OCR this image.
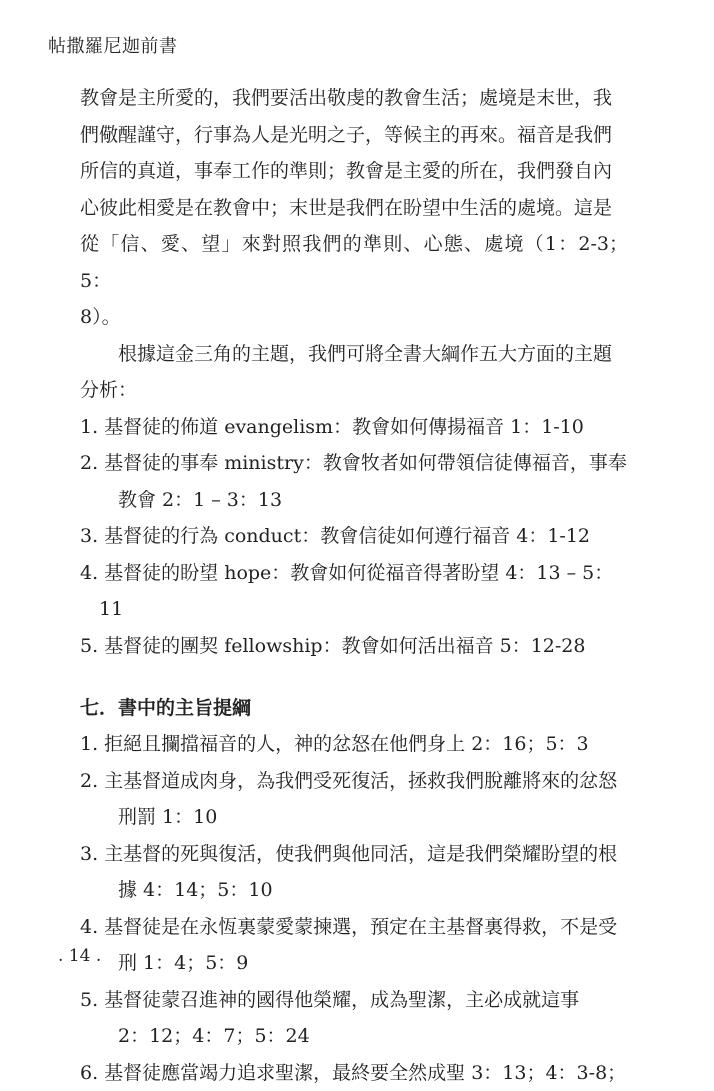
帖撒羅尼迦前書

教會是主所愛的，我們要活出敬虔的教會生活；處境是末世，我
們儆醒謹守，行事為人是光明之子，等候主的再來。福音是我們
所信的真道，事奉工作的準則；教會是主愛的所在，我們發自內
心彼此相愛是在教會中；末世是我們在盼望中生活的處境。這是
從「信、愛、望」來對照我們的準則、心態、處境（1：2-3；5：
8）。

根據這金三角的主題，我們可將全書大綱作五大方面的主題
分析：

1. 基督徒的佈道 evangelism：教會如何傳揚福音 1：1-10
2. 基督徒的事奉 ministry：教會牧者如何帶領信徒傳福音，事奉
教會 2：1 – 3：13
3. 基督徒的行為 conduct：教會信徒如何遵行福音 4：1-12
4. 基督徒的盼望 hope：教會如何從福音得著盼望 4：13 – 5：11
5. 基督徒的團契 fellowship：教會如何活出福音 5：12-28
七．書中的主旨提綱
1. 拒絕且攔擋福音的人，神的忿怒在他們身上 2：16；5：3
2. 主基督道成肉身，為我們受死復活，拯救我們脫離將來的忿怒
刑罰 1：10
3. 主基督的死與復活，使我們與他同活，這是我們榮耀盼望的根
據 4：14；5：10
4. 基督徒是在永恆裏蒙愛蒙揀選，預定在主基督裏得救，不是受
刑 1：4；5：9
5. 基督徒蒙召進神的國得他榮耀，成為聖潔，主必成就這事
2：12；4：7；5：24
6. 基督徒應當竭力追求聖潔，最終要全然成聖 3：13；4：3-8；
. 14 .
